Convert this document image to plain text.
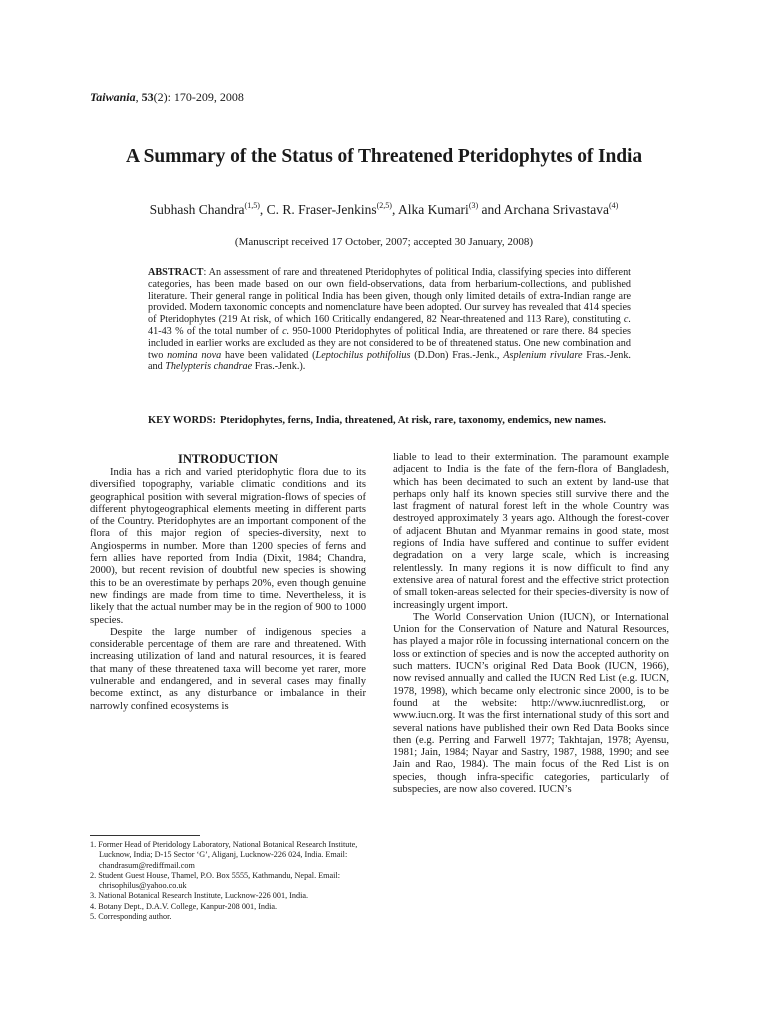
Taiwania, 53(2): 170-209, 2008
A Summary of the Status of Threatened Pteridophytes of India
Subhash Chandra$^{(1,5)}$, C. R. Fraser-Jenkins$^{(2,5)}$, Alka Kumari$^{(3)}$ and Archana Srivastava$^{(4)}$
(Manuscript received 17 October, 2007; accepted 30 January, 2008)
ABSTRACT: An assessment of rare and threatened Pteridophytes of political India, classifying species into different categories, has been made based on our own field-observations, data from herbarium-collections, and published literature. Their general range in political India has been given, though only limited details of extra-Indian range are provided. Modern taxonomic concepts and nomenclature have been adopted. Our survey has revealed that 414 species of Pteridophytes (219 At risk, of which 160 Critically endangered, 82 Near-threatened and 113 Rare), constituting c. 41-43 % of the total number of c. 950-1000 Pteridophytes of political India, are threatened or rare there. 84 species included in earlier works are excluded as they are not considered to be of threatened status. One new combination and two nomina nova have been validated (Leptochilus pothifolius (D.Don) Fras.-Jenk., Asplenium rivulare Fras.-Jenk. and Thelypteris chandrae Fras.-Jenk.).
KEY WORDS: Pteridophytes, ferns, India, threatened, At risk, rare, taxonomy, endemics, new names.

INTRODUCTION

India has a rich and varied pteridophytic flora due to its diversified topography, variable climatic conditions and its geographical position with several migration-flows of species of different phytogeographical elements meeting in different parts of the Country. Pteridophytes are an important component of the flora of this major region of species-diversity, next to Angiosperms in number. More than 1200 species of ferns and fern allies have reported from India (Dixit, 1984; Chandra, 2000), but recent revision of doubtful new species is showing this to be an overestimate by perhaps 20%, even though genuine new findings are made from time to time. Nevertheless, it is likely that the actual number may be in the region of 900 to 1000 species.

Despite the large number of indigenous species a considerable percentage of them are rare and threatened. With increasing utilization of land and natural resources, it is feared that many of these threatened taxa will become yet rarer, more vulnerable and endangered, and in several cases may finally become extinct, as any disturbance or imbalance in their narrowly confined ecosystems is

liable to lead to their extermination. The paramount example adjacent to India is the fate of the fern-flora of Bangladesh, which has been decimated to such an extent by land-use that perhaps only half its known species still survive there and the last fragment of natural forest left in the whole Country was destroyed approximately 3 years ago. Although the forest-cover of adjacent Bhutan and Myanmar remains in good state, most regions of India have suffered and continue to suffer evident degradation on a very large scale, which is increasing relentlessly. In many regions it is now difficult to find any extensive area of natural forest and the effective strict protection of small token-areas selected for their species-diversity is now of increasingly urgent import.

The World Conservation Union (IUCN), or International Union for the Conservation of Nature and Natural Resources, has played a major rôle in focussing international concern on the loss or extinction of species and is now the accepted authority on such matters. IUCN’s original Red Data Book (IUCN, 1966), now revised annually and called the IUCN Red List (e.g. IUCN, 1978, 1998), which became only electronic since 2000, is to be found at the website: http://www.iucnredlist.org, or www.iucn.org. It was the first international study of this sort and several nations have published their own Red Data Books since then (e.g. Perring and Farwell 1977; Takhtajan, 1978; Ayensu, 1981; Jain, 1984; Nayar and Sastry, 1987, 1988, 1990; and see Jain and Rao, 1984). The main focus of the Red List is on species, though infra-specific categories, particularly of subspecies, are now also covered. IUCN’s

1. Former Head of Pteridology Laboratory, National Botanical Research Institute, Lucknow, India; D-15 Sector ‘G’, Aliganj, Lucknow-226 024, India. Email: chandrasum@rediffmail.com
2. Student Guest House, Thamel, P.O. Box 5555, Kathmandu, Nepal. Email: chrisophilus@yahoo.co.uk
3. National Botanical Research Institute, Lucknow-226 001, India.
4. Botany Dept., D.A.V. College, Kanpur-208 001, India.
5. Corresponding author.
